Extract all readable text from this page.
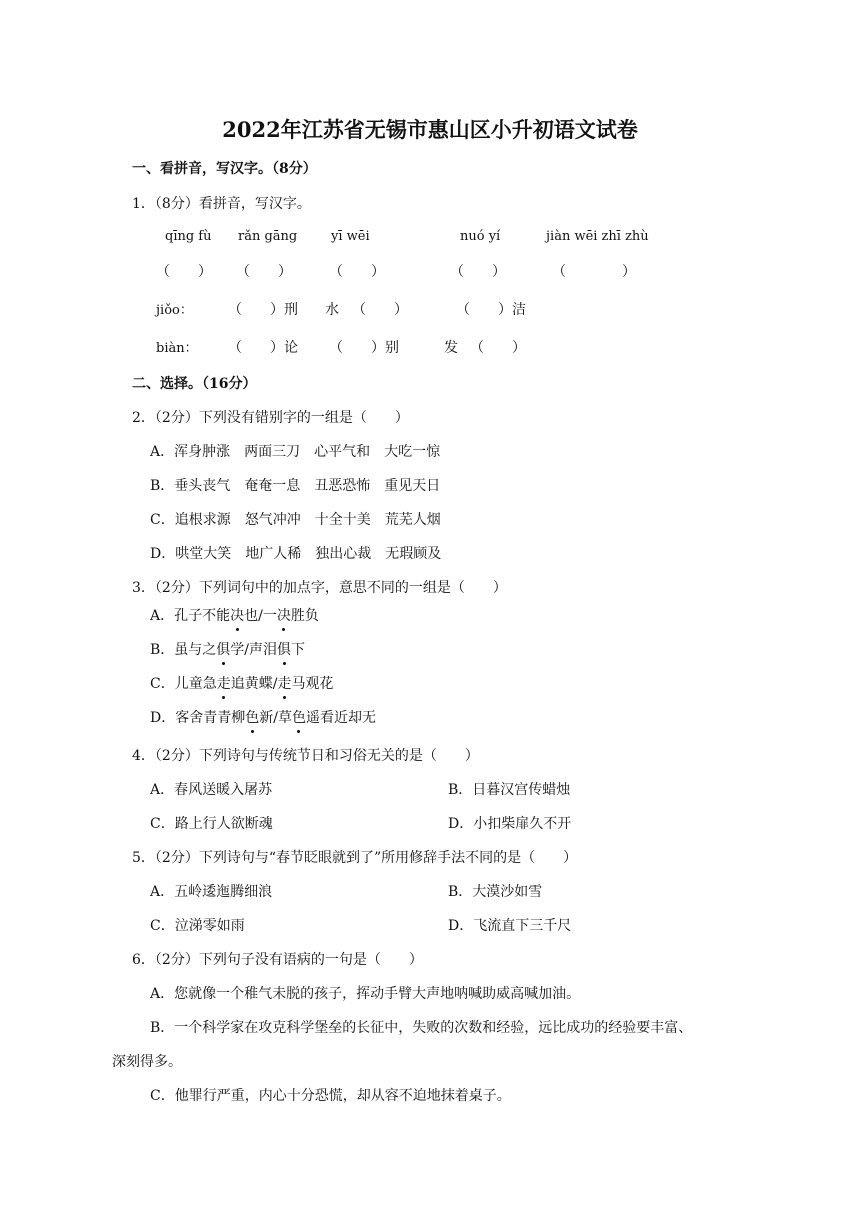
2022年江苏省无锡市惠山区小升初语文试卷
一、看拼音，写汉字。（8分）
1．（8分）看拼音，写汉字。
qīng fù rǎn gāng	yī wēi	nuó yí	jiàn wēi zhī zhù
（　　） （　　）	（　　）	（　　）	（　　　　）
jiǒo：	（　　）刑 水 （　　）	（　　）洁
biàn： （　　）论 （　　）别	发 （　　）
二、选择。（16分）
2．（2分）下列没有错别字的一组是（　　）
A．浑身肿涨　两面三刀　心平气和　大吃一惊
B．垂头丧气　奄奄一息　丑恶恐怖　重见天日
C．追根求源　怒气冲冲　十全十美　荒芜人烟
D．哄堂大笑　地广人稀　独出心裁　无瑕顾及
3．（2分）下列词句中的加点字，意思不同的一组是（　　）
A．孔子不能决也/一决胜负
B．虽与之俱学/声泪俱下
C．儿童急走追黄蝶/走马观花
D．客舍青青柳色新/草色遥看近却无
4．（2分）下列诗句与传统节日和习俗无关的是（　　）
A．春风送暖入屠苏	B．日暮汉宫传蜡烛
C．路上行人欲断魂	D．小扣柴扉久不开
5．（2分）下列诗句与“春节眨眼就到了”所用修辞手法不同的是（　　）
A．五岭逶迤腾细浪	B．大漠沙如雪
C．泣涕零如雨	D．飞流直下三千尺
6．（2分）下列句子没有语病的一句是（　　）
A．您就像一个稚气未脱的孩子，挥动手臂大声地呐喊助威高喊加油。
B．一个科学家在攻克科学堡垒的长征中，失败的次数和经验，远比成功的经验要丰富、
深刻得多。
C．他罪行严重，内心十分恐慌，却从容不迫地抹着桌子。
